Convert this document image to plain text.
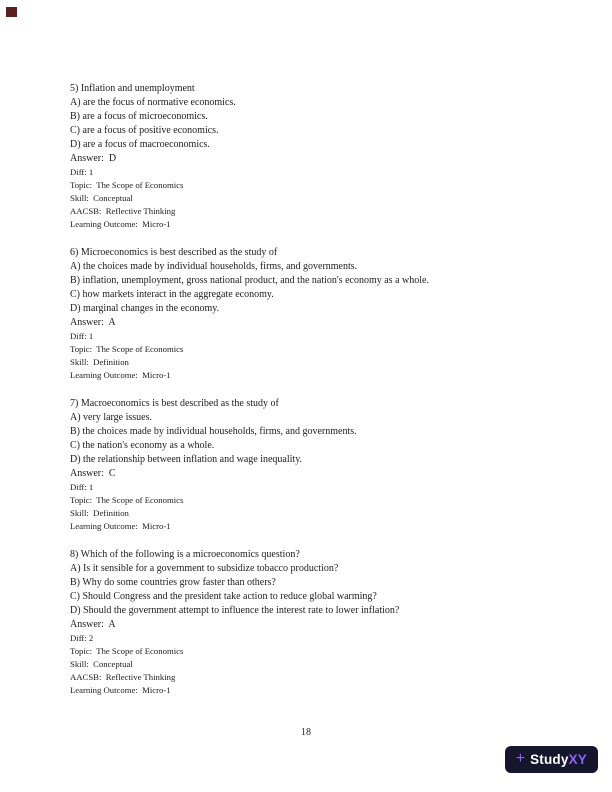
5) Inflation and unemployment

A) are the focus of normative economics.

B) are a focus of microeconomics.

C) are a focus of positive economics.

D) are a focus of macroeconomics.

Answer:  D

Diff: 1

Topic:  The Scope of Economics

Skill:  Conceptual

AACSB:  Reflective Thinking

Learning Outcome:  Micro-1

6) Microeconomics is best described as the study of

A) the choices made by individual households, firms, and governments.

B) inflation, unemployment, gross national product, and the nation's economy as a whole.

C) how markets interact in the aggregate economy.

D) marginal changes in the economy.

Answer:  A

Diff: 1

Topic:  The Scope of Economics

Skill:  Definition

Learning Outcome:  Micro-1

7) Macroeconomics is best described as the study of

A) very large issues.

B) the choices made by individual households, firms, and governments.

C) the nation's economy as a whole.

D) the relationship between inflation and wage inequality.

Answer:  C

Diff: 1

Topic:  The Scope of Economics

Skill:  Definition

Learning Outcome:  Micro-1

8) Which of the following is a microeconomics question?

A) Is it sensible for a government to subsidize tobacco production?

B) Why do some countries grow faster than others?

C) Should Congress and the president take action to reduce global warming?

D) Should the government attempt to influence the interest rate to lower inflation?

Answer:  A

Diff: 2

Topic:  The Scope of Economics

Skill:  Conceptual

AACSB:  Reflective Thinking

Learning Outcome:  Micro-1

18
+ StudyXY
